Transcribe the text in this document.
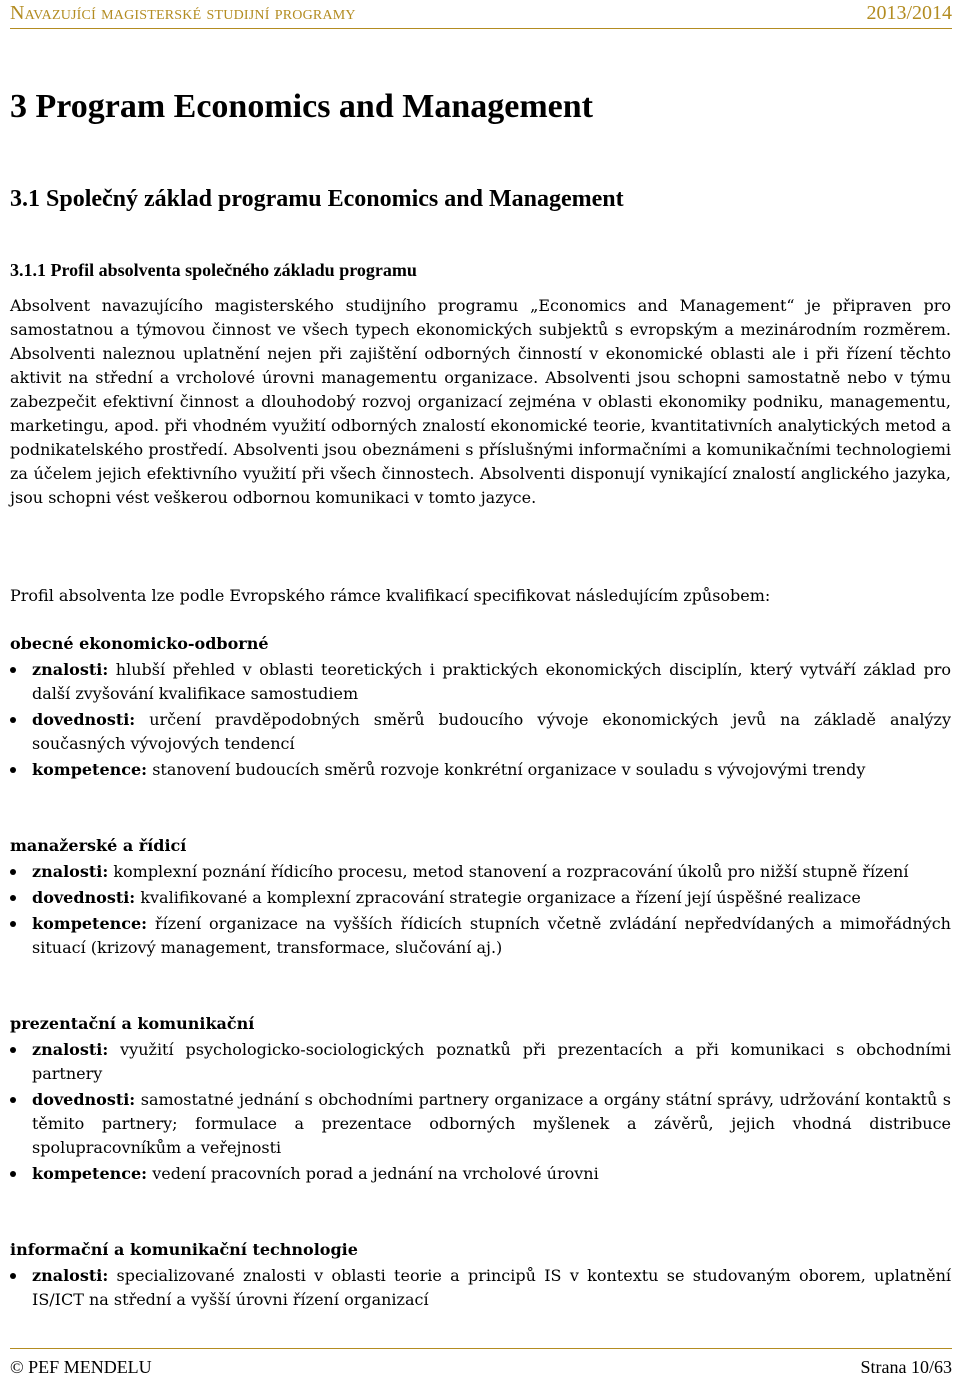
Navazující magisterské studijní programy	2013/2014
3 Program Economics and Management
3.1 Společný základ programu Economics and Management
3.1.1 Profil absolventa společného základu programu

Absolvent navazujícího magisterského studijního programu „Economics and Management“ je připraven pro samostatnou a týmovou činnost ve všech typech ekonomických subjektů s evropským a mezinárodním rozměrem. Absolventi naleznou uplatnění nejen při zajištění odborných činností v ekonomické oblasti ale i při řízení těchto aktivit na střední a vrcholové úrovni managementu organizace. Absolventi jsou schopni samostatně nebo v týmu zabezpečit efektivní činnost a dlouhodobý rozvoj organizací zejména v oblasti ekonomiky podniku, managementu, marketingu, apod. při vhodném využití odborných znalostí ekonomické teorie, kvantitativních analytických metod a podnikatelského prostředí. Absolventi jsou obeznámeni s příslušnými informačními a komunikačními technologiemi za účelem jejich efektivního využití při všech činnostech. Absolventi disponují vynikající znalostí anglického jazyka, jsou schopni vést veškerou odbornou komunikaci v tomto jazyce.

Profil absolventa lze podle Evropského rámce kvalifikací specifikovat následujícím způsobem:

obecné ekonomicko-odborné

znalosti: hlubší přehled v oblasti teoretických i praktických ekonomických disciplín, který vytváří základ pro další zvyšování kvalifikace samostudiem
dovednosti: určení pravděpodobných směrů budoucího vývoje ekonomických jevů na základě analýzy současných vývojových tendencí
kompetence: stanovení budoucích směrů rozvoje konkrétní organizace v souladu s vývojovými trendy

manažerské a řídicí

znalosti: komplexní poznání řídicího procesu, metod stanovení a rozpracování úkolů pro nižší stupně řízení
dovednosti: kvalifikované a komplexní zpracování strategie organizace a řízení její úspěšné realizace
kompetence: řízení organizace na vyšších řídicích stupních včetně zvládání nepředvídaných a mimořádných situací (krizový management, transformace, slučování aj.)

prezentační a komunikační

znalosti: využití psychologicko-sociologických poznatků při prezentacích a při komunikaci s obchodními partnery
dovednosti: samostatné jednání s obchodními partnery organizace a orgány státní správy, udržování kontaktů s těmito partnery; formulace a prezentace odborných myšlenek a závěrů, jejich vhodná distribuce spolupracovníkům a veřejnosti
kompetence: vedení pracovních porad a jednání na vrcholové úrovni

informační a komunikační technologie

znalosti: specializované znalosti v oblasti teorie a principů IS v kontextu se studovaným oborem, uplatnění IS/ICT na střední a vyšší úrovni řízení organizací
© PEF MENDELU	Strana 10/63
